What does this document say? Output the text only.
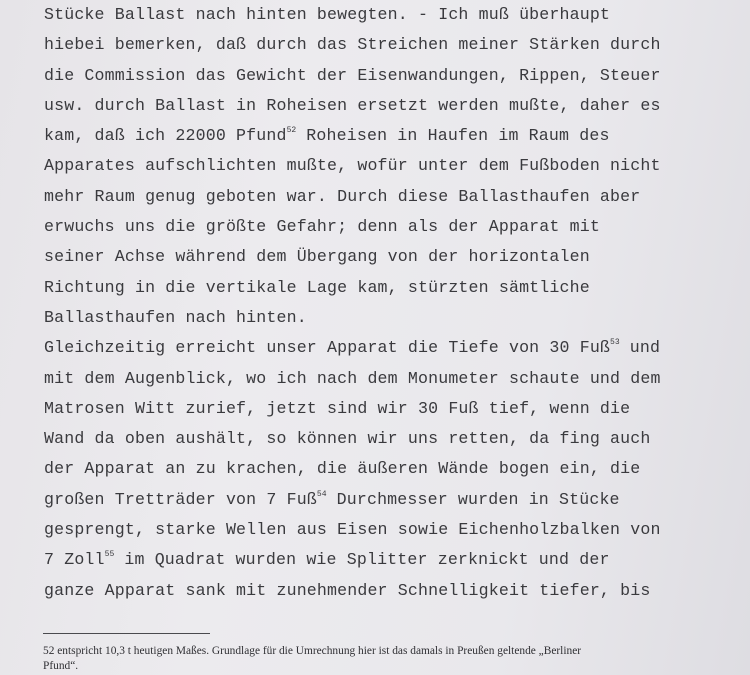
Stücke Ballast nach hinten bewegten. - Ich muß überhaupt
hiebei bemerken, daß durch das Streichen meiner Stärken durch
die Commission das Gewicht der Eisenwandungen, Rippen, Steuer
usw. durch Ballast in Roheisen ersetzt werden mußte, daher es
kam, daß ich 22000 Pfund$^{52}$ Roheisen in Haufen im Raum des
Apparates aufschlichten mußte, wofür unter dem Fußboden nicht
mehr Raum genug geboten war. Durch diese Ballasthaufen aber
erwuchs uns die größte Gefahr; denn als der Apparat mit
seiner Achse während dem Übergang von der horizontalen
Richtung in die vertikale Lage kam, stürzten sämtliche
Ballasthaufen nach hinten.
Gleichzeitig erreicht unser Apparat die Tiefe von 30 Fuß$^{53}$ und
mit dem Augenblick, wo ich nach dem Monumeter schaute und dem
Matrosen Witt zurief, jetzt sind wir 30 Fuß tief, wenn die
Wand da oben aushält, so können wir uns retten, da fing auch
der Apparat an zu krachen, die äußeren Wände bogen ein, die
großen Tretträder von 7 Fuß$^{54}$ Durchmesser wurden in Stücke
gesprengt, starke Wellen aus Eisen sowie Eichenholzbalken von
7 Zoll$^{55}$ im Quadrat wurden wie Splitter zerknickt und der
ganze Apparat sank mit zunehmender Schnelligkeit tiefer, bis
52 entspricht 10,3 t heutigen Maßes. Grundlage für die Umrechnung hier ist das damals in Preußen geltende „Berliner
Pfund“.
